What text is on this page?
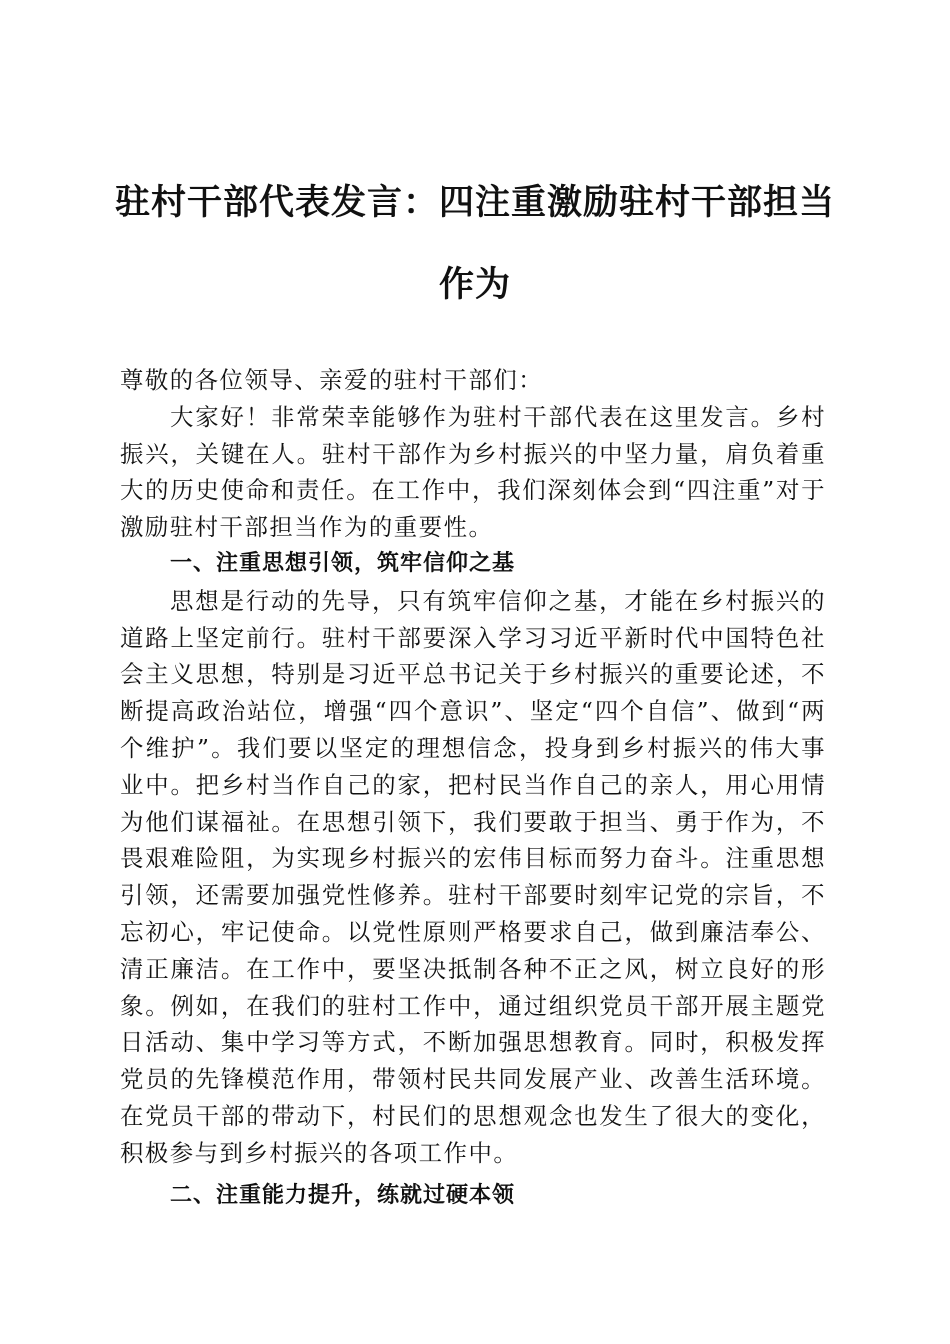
驻村干部代表发言：四注重激励驻村干部担当作为

尊敬的各位领导、亲爱的驻村干部们：

大家好！非常荣幸能够作为驻村干部代表在这里发言。乡村振兴，关键在人。驻村干部作为乡村振兴的中坚力量，肩负着重大的历史使命和责任。在工作中，我们深刻体会到“四注重”对于激励驻村干部担当作为的重要性。

一、注重思想引领，筑牢信仰之基

思想是行动的先导，只有筑牢信仰之基，才能在乡村振兴的道路上坚定前行。驻村干部要深入学习习近平新时代中国特色社会主义思想，特别是习近平总书记关于乡村振兴的重要论述，不断提高政治站位，增强“四个意识”、坚定“四个自信”、做到“两个维护”。我们要以坚定的理想信念，投身到乡村振兴的伟大事业中。把乡村当作自己的家，把村民当作自己的亲人，用心用情为他们谋福祉。在思想引领下，我们要敢于担当、勇于作为，不畏艰难险阻，为实现乡村振兴的宏伟目标而努力奋斗。注重思想引领，还需要加强党性修养。驻村干部要时刻牢记党的宗旨，不忘初心，牢记使命。以党性原则严格要求自己，做到廉洁奉公、清正廉洁。在工作中，要坚决抵制各种不正之风，树立良好的形象。例如，在我们的驻村工作中，通过组织党员干部开展主题党日活动、集中学习等方式，不断加强思想教育。同时，积极发挥党员的先锋模范作用，带领村民共同发展产业、改善生活环境。在党员干部的带动下，村民们的思想观念也发生了很大的变化，积极参与到乡村振兴的各项工作中。

二、注重能力提升，练就过硬本领
